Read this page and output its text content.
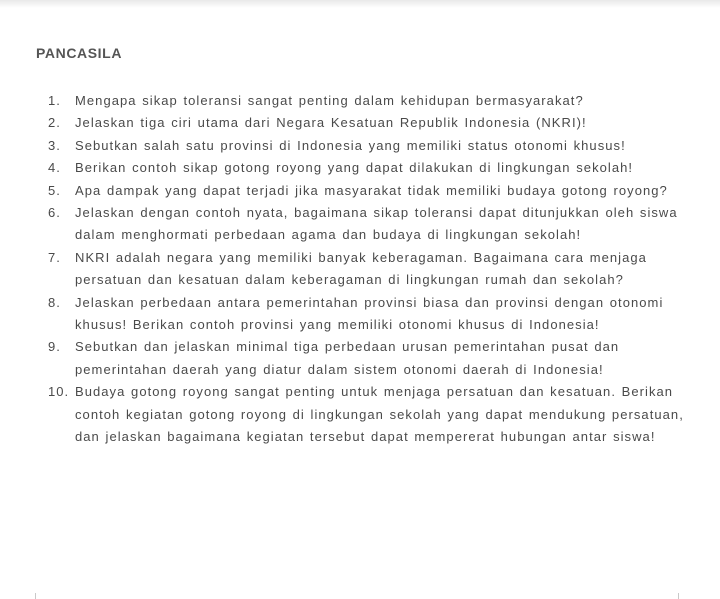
PANCASILA
1.	Mengapa sikap toleransi sangat penting dalam kehidupan bermasyarakat?
2.	Jelaskan tiga ciri utama dari Negara Kesatuan Republik Indonesia (NKRI)!
3.	Sebutkan salah satu provinsi di Indonesia yang memiliki status otonomi khusus!
4.	Berikan contoh sikap gotong royong yang dapat dilakukan di lingkungan sekolah!
5.	Apa dampak yang dapat terjadi jika masyarakat tidak memiliki budaya gotong royong?
6.	Jelaskan dengan contoh nyata, bagaimana sikap toleransi dapat ditunjukkan oleh siswa dalam menghormati perbedaan agama dan budaya di lingkungan sekolah!
7.	NKRI adalah negara yang memiliki banyak keberagaman. Bagaimana cara menjaga persatuan dan kesatuan dalam keberagaman di lingkungan rumah dan sekolah?
8.	Jelaskan perbedaan antara pemerintahan provinsi biasa dan provinsi dengan otonomi khusus! Berikan contoh provinsi yang memiliki otonomi khusus di Indonesia!
9.	Sebutkan dan jelaskan minimal tiga perbedaan urusan pemerintahan pusat dan pemerintahan daerah yang diatur dalam sistem otonomi daerah di Indonesia!
10. Budaya gotong royong sangat penting untuk menjaga persatuan dan kesatuan. Berikan contoh kegiatan gotong royong di lingkungan sekolah yang dapat mendukung persatuan, dan jelaskan bagaimana kegiatan tersebut dapat mempererat hubungan antar siswa!
